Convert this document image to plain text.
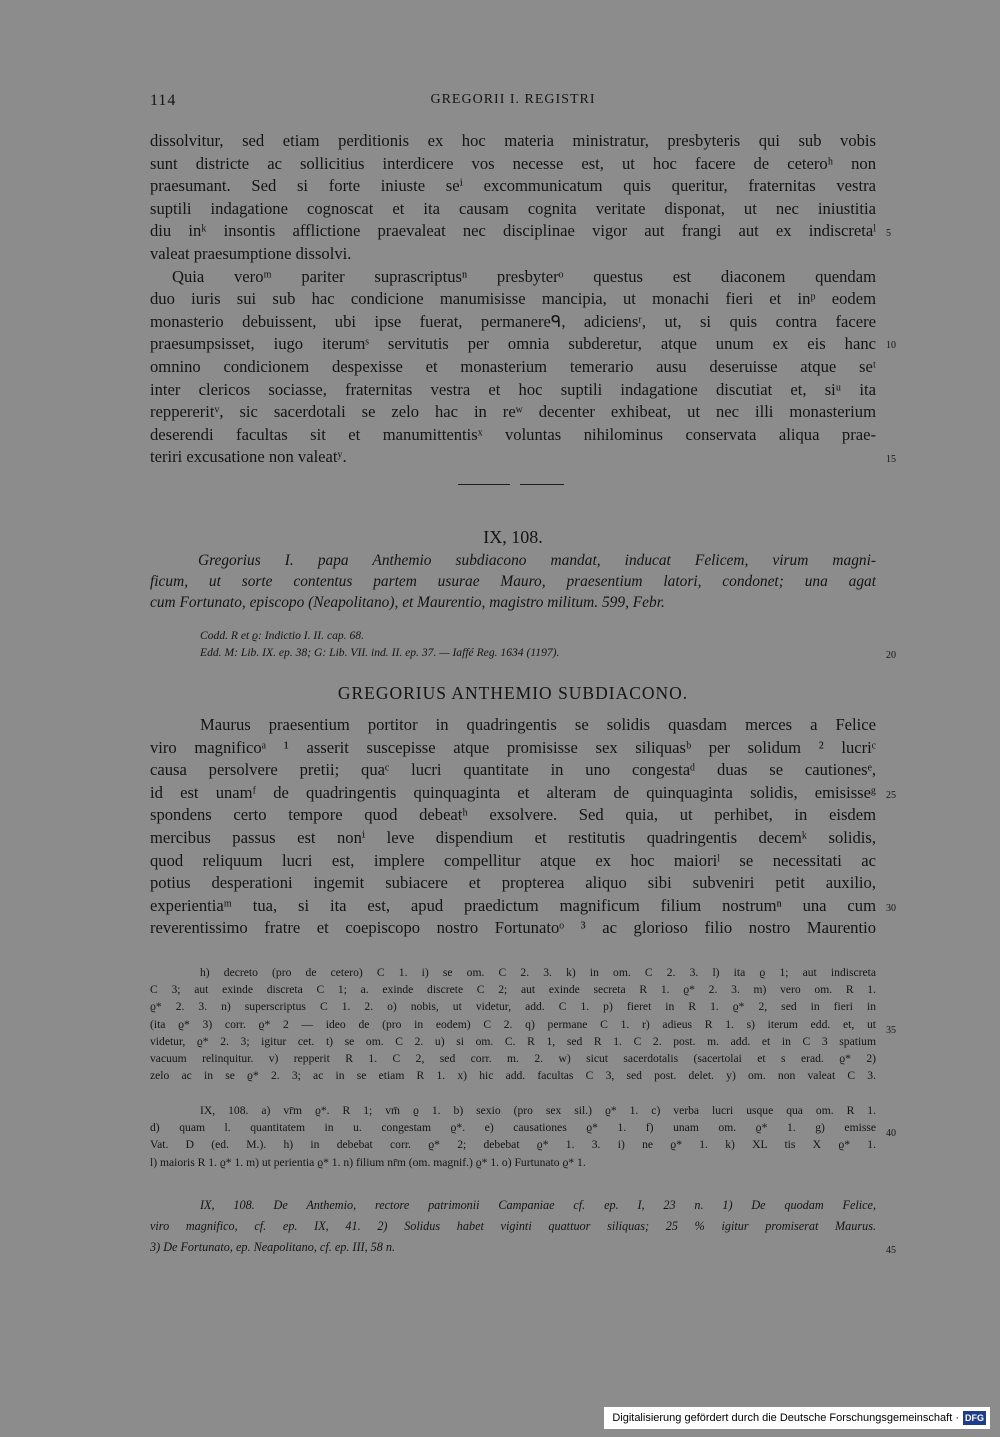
114	GREGORII I. REGISTRI
dissolvitur, sed etiam perditionis ex hoc materia ministratur, presbyteris qui sub vobis
sunt districte ac sollicitius interdicere vos necesse est, ut hoc facere de ceteroʰ non
praesumant. Sed si forte iniuste seⁱ excommunicatum quis queritur, fraternitas vestra
suptili indagatione cognoscat et ita causam cognita veritate disponat, ut nec iniustitia
diu inᵏ insontis afflictione praevaleat nec disciplinae vigor aut frangi aut ex indiscretaˡ
valeat praesumptione dissolvi.
Quia veroᵐ pariter suprascriptusⁿ presbyterᵒ questus est diaconem quendam
duo iuris sui sub hac condicione manumisisse mancipia, ut monachi fieri et inᵖ eodem
monasterio debuissent, ubi ipse fuerat, permanereᑫ, adiciensʳ, ut, si quis contra facere
praesumpsisset, iugo iterumˢ servitutis per omnia subderetur, atque unum ex eis hanc
omnino condicionem despexisse et monasterium temerario ausu deseruisse atque seᵗ
inter clericos sociasse, fraternitas vestra et hoc suptili indagatione discutiat et, siᵘ ita
reppereritᵛ, sic sacerdotali se zelo hac in reʷ decenter exhibeat, ut nec illi monasterium
deserendi facultas sit et manumittentisˣ voluntas nihilominus conservata aliqua prae-
teriri excusatione non valeatʸ.
5
10
15
IX, 108.
Gregorius I. papa Anthemio subdiacono mandat, inducat Felicem, virum magni-
ficum, ut sorte contentus partem usurae Mauro, praesentium latori, condonet; una agat
cum Fortunato, episcopo (Neapolitano), et Maurentio, magistro militum. 599, Febr.
Codd. R et ϱ: Indictio I. II. cap. 68.
Edd. M: Lib. IX. ep. 38; G: Lib. VII. ind. II. ep. 37. — Iaffé Reg. 1634 (1197).	20
GREGORIUS ANTHEMIO SUBDIACONO.
Maurus praesentium portitor in quadringentis se solidis quasdam merces a Felice
viro magnificoᵃ ¹ asserit suscepisse atque promisisse sex siliquasᵇ per solidum ² lucriᶜ
causa persolvere pretii; quaᶜ lucri quantitate in uno congestaᵈ duas se cautionesᵉ,
id est unamᶠ de quadringentis quinquaginta et alteram de quinquaginta solidis, emisisseᵍ
spondens certo tempore quod debeatʰ exsolvere. Sed quia, ut perhibet, in eisdem
mercibus passus est nonⁱ leve dispendium et restitutis quadringentis decemᵏ solidis,
quod reliquum lucri est, implere compellitur atque ex hoc maioriˡ se necessitati ac
potius desperationi ingemit subiacere et propterea aliquo sibi subveniri petit auxilio,
experientiaᵐ tua, si ita est, apud praedictum magnificum filium nostrumⁿ una cum
reverentissimo fratre et coepiscopo nostro Fortunatoᵒ ³ ac glorioso filio nostro Maurentio
25
30
h) decreto (pro de cetero) C 1. i) se om. C 2. 3. k) in om. C 2. 3. l) ita ϱ 1; aut indiscreta
C 3; aut exinde discreta C 1; a. exinde discrete C 2; aut exinde secreta R 1. ϱ* 2. 3. m) vero om. R 1.
ϱ* 2. 3. n) superscriptus C 1. 2. o) nobis, ut videtur, add. C 1. p) fieret in R 1. ϱ* 2, sed in fieri in
(ita ϱ* 3) corr. ϱ* 2 — ideo de (pro in eodem) C 2. q) permane C 1. r) adieus R 1. s) iterum edd. et, ut
videtur, ϱ* 2. 3; igitur cet. t) se om. C 2. u) si om. C. R 1, sed R 1. C 2. post. m. add. et in C 3 spatium
vacuum relinquitur. v) repperit R 1. C 2, sed corr. m. 2. w) sicut sacerdotalis (sacertolai et s erad. ϱ* 2)
zelo ac in se ϱ* 2. 3; ac in se etiam R 1. x) hic add. facultas C 3, sed post. delet. y) om. non valeat C 3.
35
IX, 108. a) vr̄m ϱ*. R 1; vm̄ ϱ 1. b) sexio (pro sex sil.) ϱ* 1. c) verba lucri usque qua om. R 1.
d) quam l. quantitatem in u. congestam ϱ*. e) causationes ϱ* 1. f) unam om. ϱ* 1. g) emisse
Vat. D (ed. M.). h) in debebat corr. ϱ* 2; debebat ϱ* 1. 3. i) ne ϱ* 1. k) XL tis X ϱ* 1.
l) maioris R 1. ϱ* 1. m) ut perientia ϱ* 1. n) filium nr̄m (om. magnif.) ϱ* 1. o) Furtunato ϱ* 1.
40
IX, 108. De Anthemio, rectore patrimonii Campaniae cf. ep. I, 23 n. 1) De quodam Felice,
viro magnifico, cf. ep. IX, 41. 2) Solidus habet viginti quattuor siliquas; 25 % igitur promiserat Maurus.
3) De Fortunato, ep. Neapolitano, cf. ep. III, 58 n.	45
Digitalisierung gefördert durch die Deutsche Forschungsgemeinschaft · DFG
